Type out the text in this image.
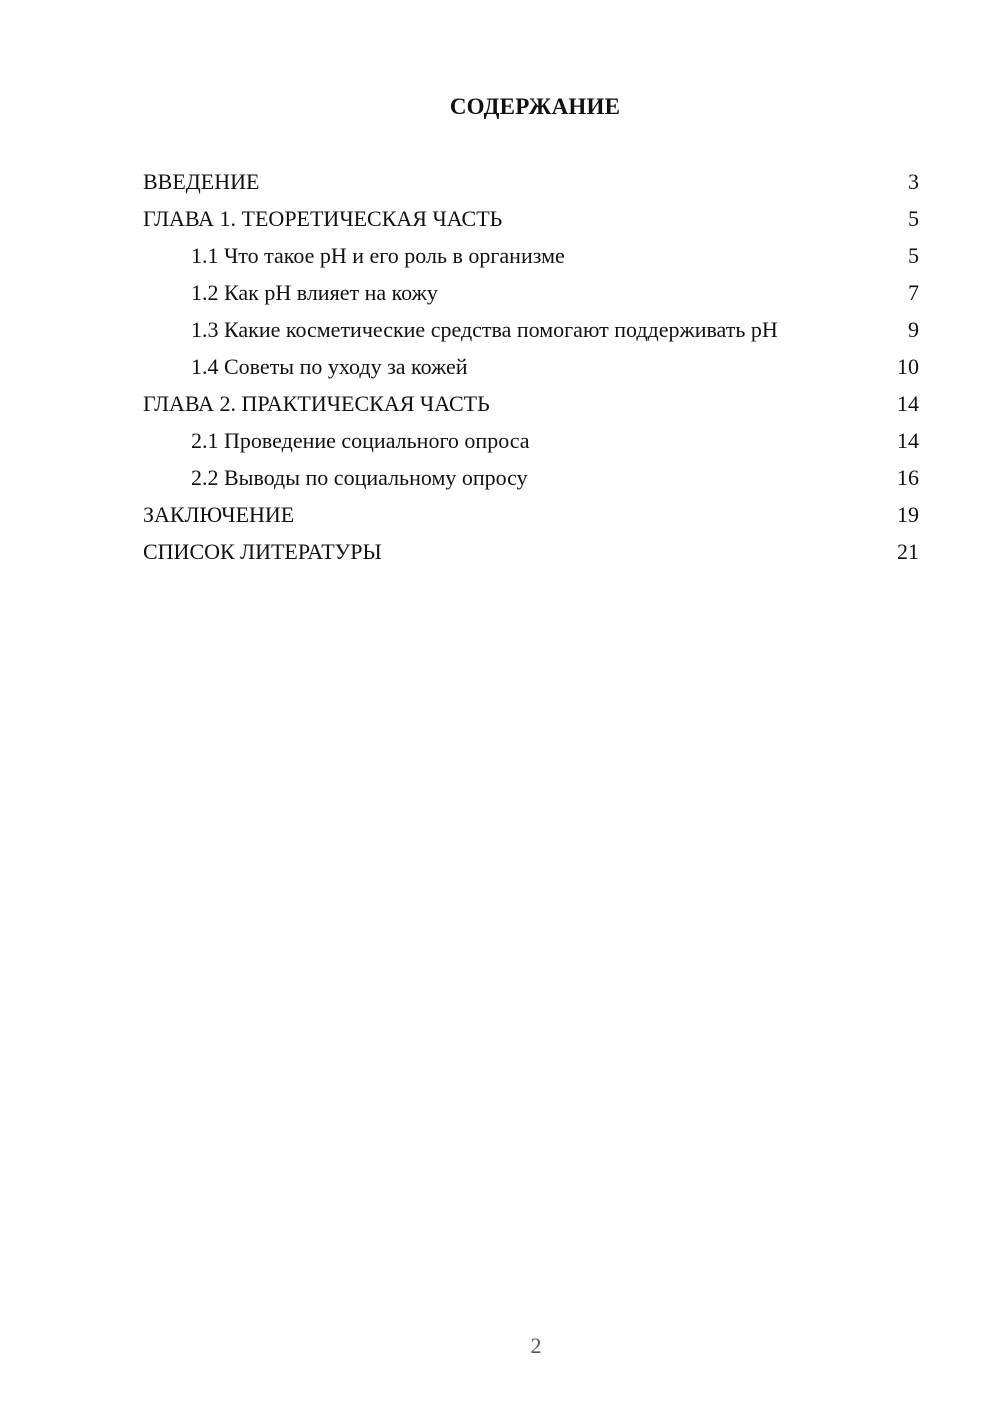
СОДЕРЖАНИЕ
ВВЕДЕНИЕ	3
ГЛАВА 1. ТЕОРЕТИЧЕСКАЯ ЧАСТЬ	5
1.1 Что такое pH и его роль в организме	5
1.2 Как pH влияет на кожу	7
1.3 Какие косметические средства помогают поддерживать pH	9
1.4 Советы по уходу за кожей	10
ГЛАВА 2. ПРАКТИЧЕСКАЯ ЧАСТЬ	14
2.1 Проведение социального опроса	14
2.2 Выводы по социальному опросу	16
ЗАКЛЮЧЕНИЕ	19
СПИСОК ЛИТЕРАТУРЫ	21
2
